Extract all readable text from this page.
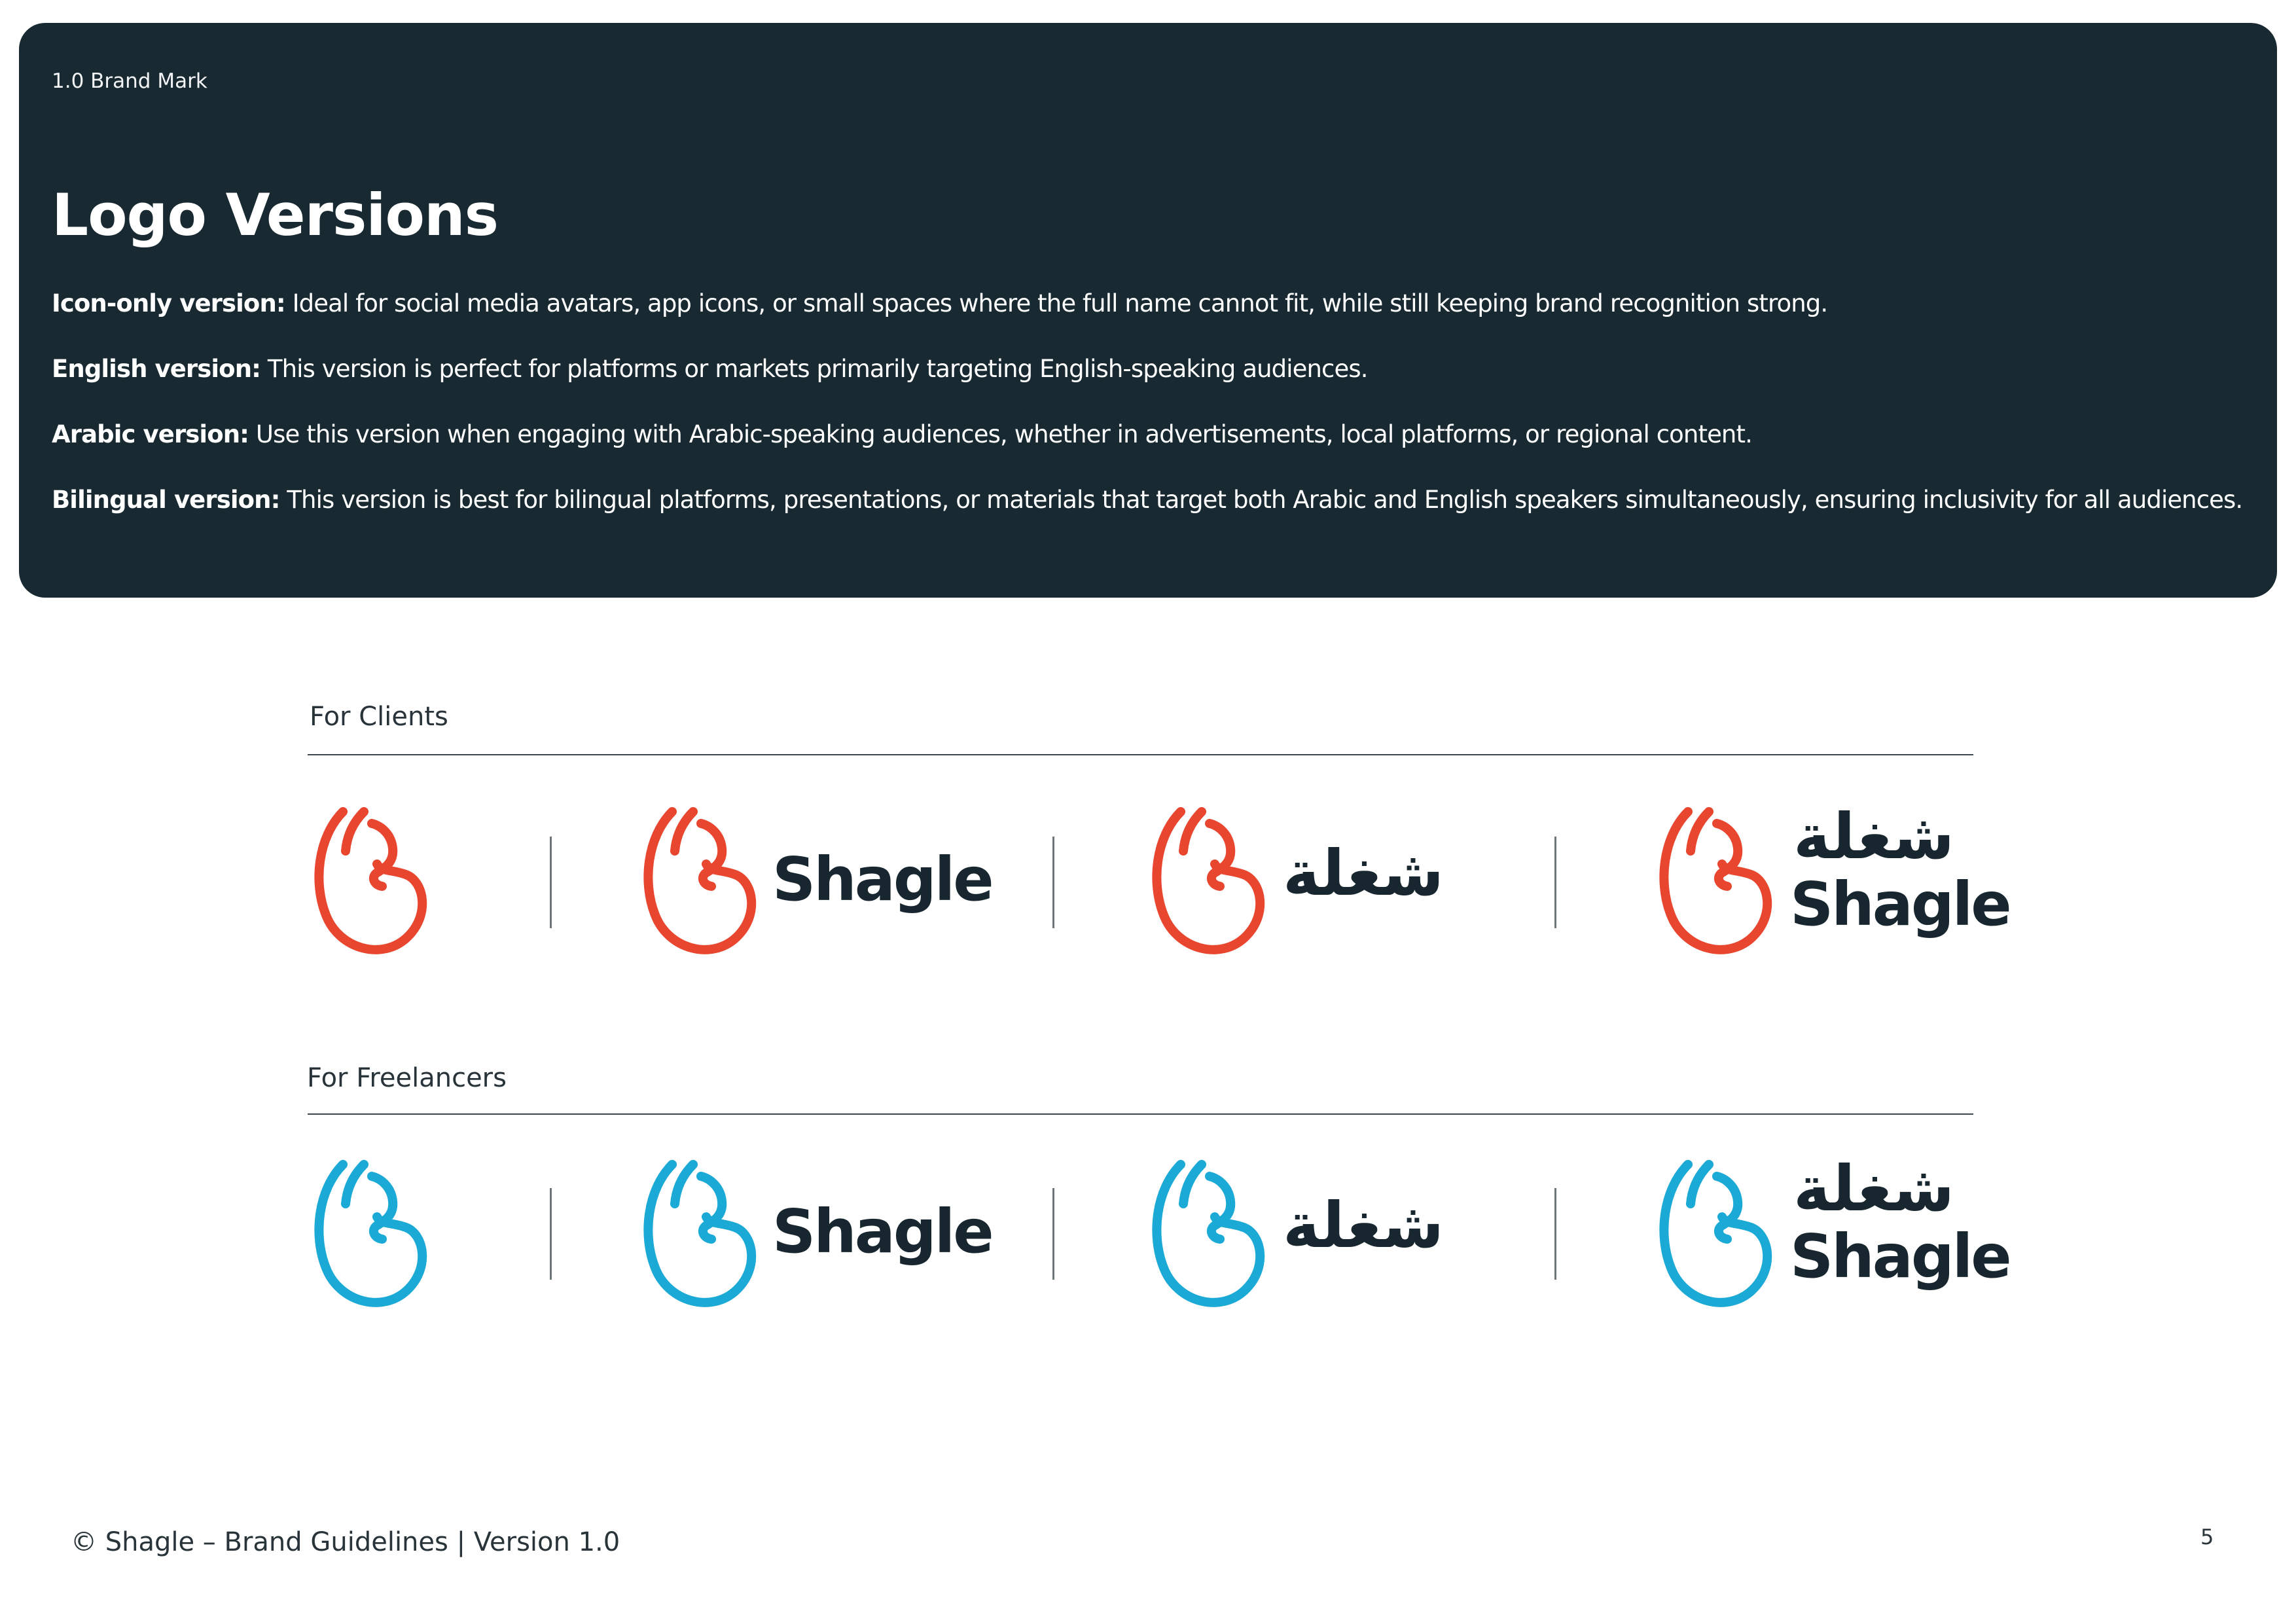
1.0 Brand Mark
Logo Versions
Icon-only version: Ideal for social media avatars, app icons, or small spaces where the full name cannot fit, while still keeping brand recognition strong.
English version: This version is perfect for platforms or markets primarily targeting English-speaking audiences.
Arabic version: Use this version when engaging with Arabic-speaking audiences, whether in advertisements, local platforms, or regional content.
Bilingual version: This version is best for bilingual platforms, presentations, or materials that target both Arabic and English speakers simultaneously, ensuring inclusivity for all audiences.
For Clients
Shagle	شغلة	شغلة
Shagle
For Freelancers
Shagle	شغلة	شغلة
Shagle
© Shagle – Brand Guidelines | Version 1.0	5
